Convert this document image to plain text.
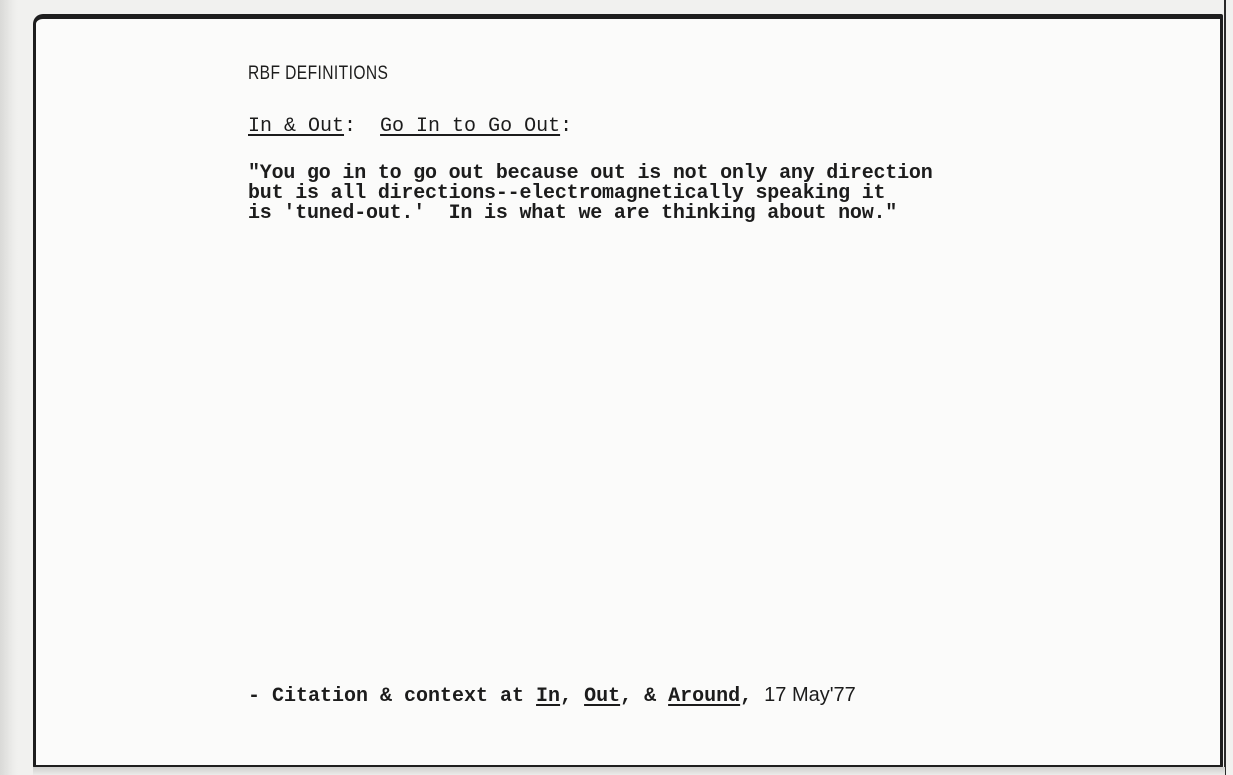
RBF DEFINITIONS
In & Out: Go In to Go Out:
"You go in to go out because out is not only any direction
but is all directions--electromagnetically speaking it
is 'tuned-out.'  In is what we are thinking about now."
- Citation & context at In, Out, & Around, 17 May'77
